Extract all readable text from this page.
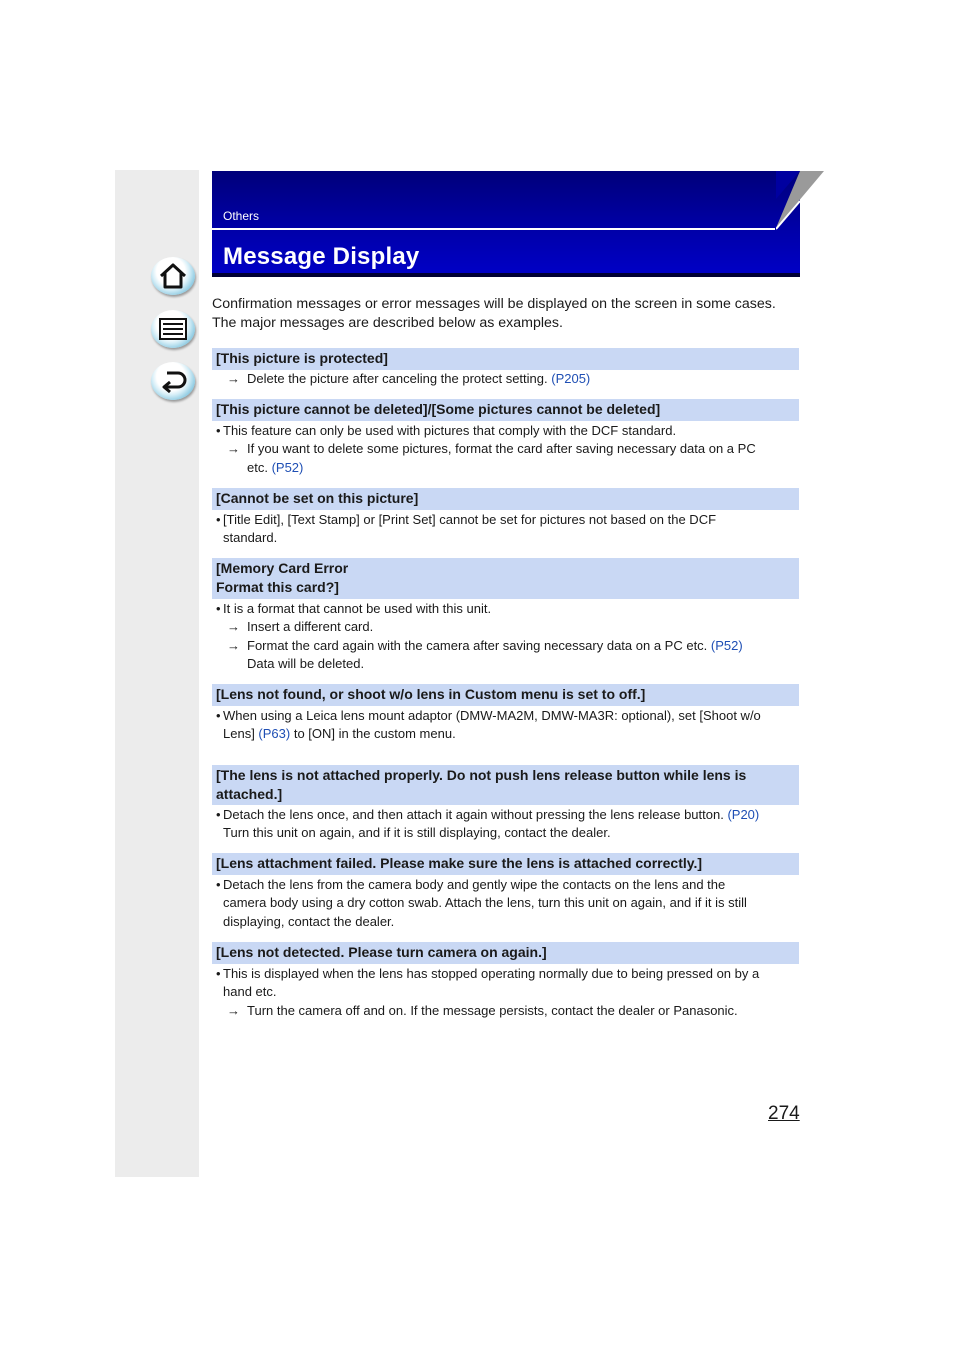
Others
Message Display
Confirmation messages or error messages will be displayed on the screen in some cases.
The major messages are described below as examples.
[This picture is protected]
→ Delete the picture after canceling the protect setting. (P205)
[This picture cannot be deleted]/[Some pictures cannot be deleted]
• This feature can only be used with pictures that comply with the DCF standard.
→ If you want to delete some pictures, format the card after saving necessary data on a PC
etc. (P52)
[Cannot be set on this picture]
• [Title Edit], [Text Stamp] or [Print Set] cannot be set for pictures not based on the DCF
standard.
[Memory Card Error
Format this card?]
• It is a format that cannot be used with this unit.
→ Insert a different card.
→ Format the card again with the camera after saving necessary data on a PC etc. (P52)
Data will be deleted.
[Lens not found, or shoot w/o lens in Custom menu is set to off.]
• When using a Leica lens mount adaptor (DMW-MA2M, DMW-MA3R: optional), set [Shoot w/o
Lens] (P63) to [ON] in the custom menu.
[The lens is not attached properly. Do not push lens release button while lens is
attached.]
• Detach the lens once, and then attach it again without pressing the lens release button. (P20)
Turn this unit on again, and if it is still displaying, contact the dealer.
[Lens attachment failed. Please make sure the lens is attached correctly.]
• Detach the lens from the camera body and gently wipe the contacts on the lens and the
camera body using a dry cotton swab. Attach the lens, turn this unit on again, and if it is still
displaying, contact the dealer.
[Lens not detected. Please turn camera on again.]
• This is displayed when the lens has stopped operating normally due to being pressed on by a
hand etc.
→ Turn the camera off and on. If the message persists, contact the dealer or Panasonic.
274
